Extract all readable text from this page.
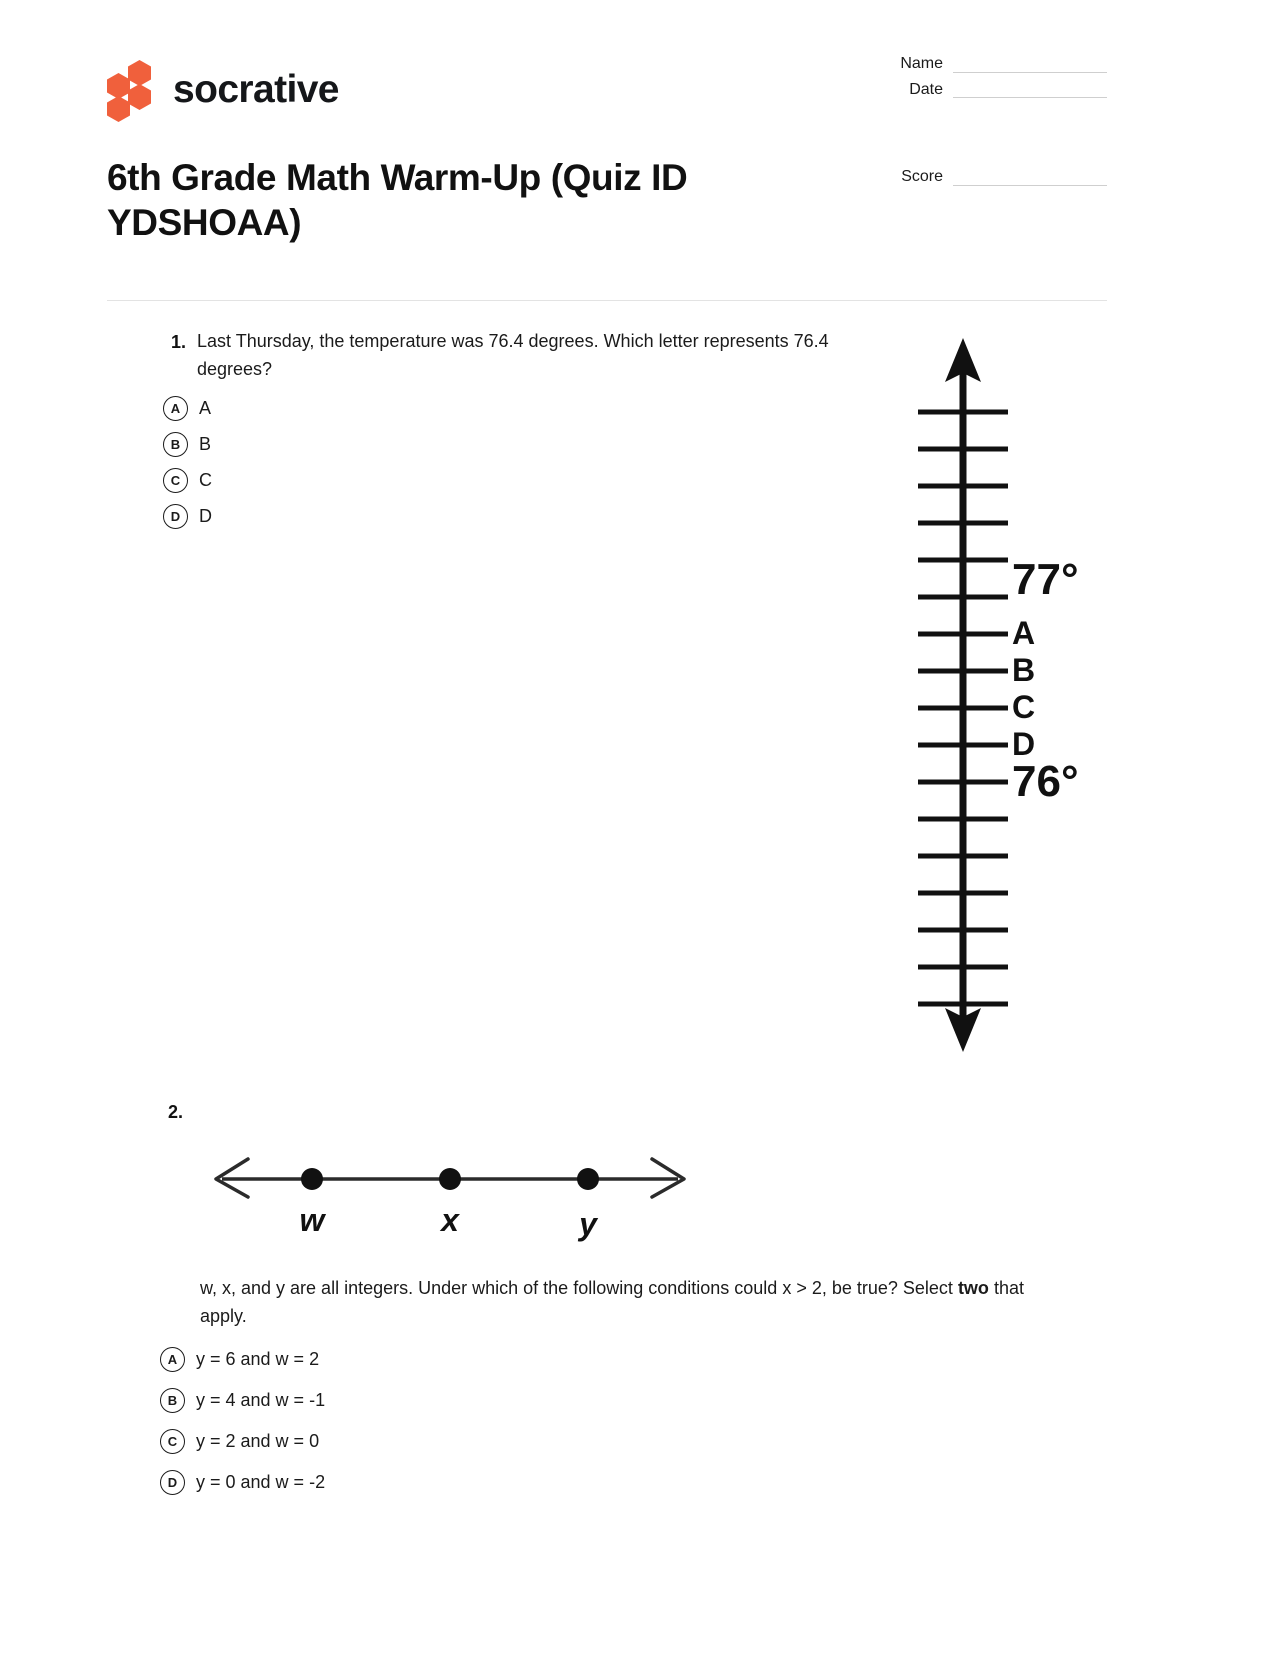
socrative
Name
Date
Score
6th Grade Math Warm-Up (Quiz ID YDSHOAA)
1. Last Thursday, the temperature was 76.4 degrees. Which letter represents 76.4 degrees?
A	A
B	B
C	C
D	D
77°
A
B
C
D
76°
2.
w	x	y
w, x, and y are all integers. Under which of the following conditions could x > 2, be true? Select two that apply.
A	y = 6 and w = 2
B	y = 4 and w = -1
C	y = 2 and w = 0
D	y = 0 and w = -2
